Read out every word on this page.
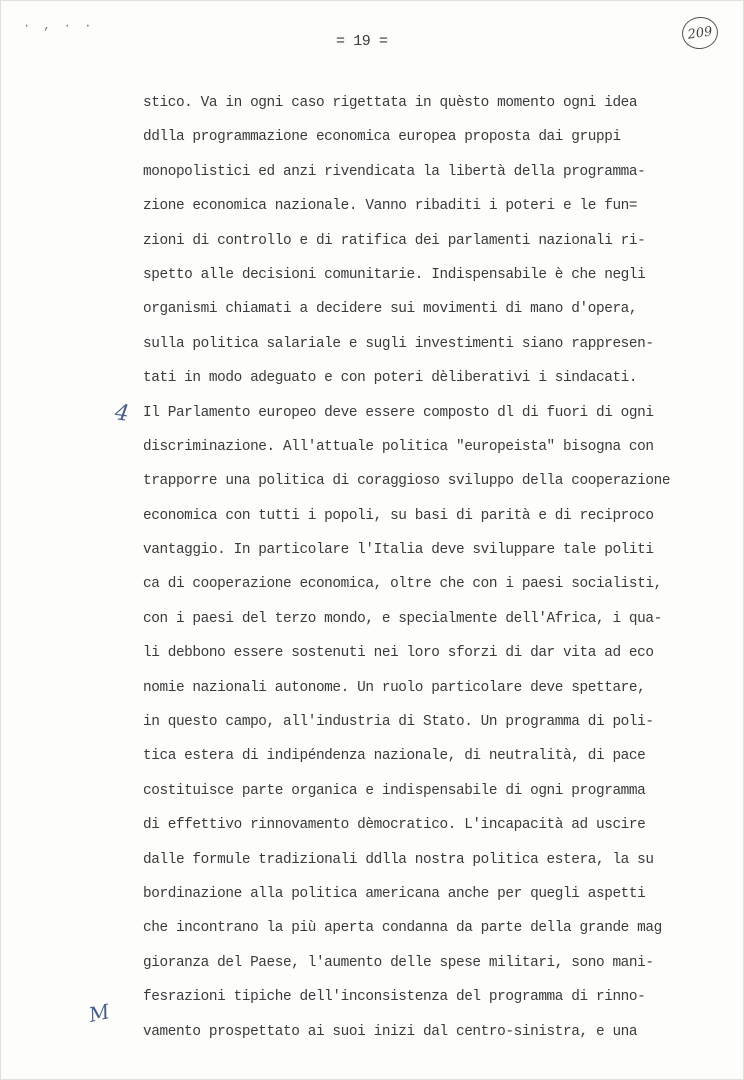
· , · ·
= 19 =	209
4
M
stico. Va in ogni caso rigettata in quèsto momento ogni idea
ddlla programmazione economica europea proposta dai gruppi
monopolistici ed anzi rivendicata la libertà della programma-
zione economica nazionale. Vanno ribaditi i poteri e le fun=
zioni di controllo e di ratifica dei parlamenti nazionali ri-
spetto alle decisioni comunitarie. Indispensabile è che negli
organismi chiamati a decidere sui movimenti di mano d'opera,
sulla politica salariale e sugli investimenti siano rappresen-
tati in modo adeguato e con poteri dèliberativi i sindacati.
Il Parlamento europeo deve essere composto dl di fuori di ogni
discriminazione. All'attuale politica "europeista" bisogna con
trapporre una politica di coraggioso sviluppo della cooperazione
economica con tutti i popoli, su basi di parità e di reciproco
vantaggio. In particolare l'Italia deve sviluppare tale politi
ca di cooperazione economica, oltre che con i paesi socialisti,
con i paesi del terzo mondo, e specialmente dell'Africa, i qua-
li debbono essere sostenuti nei loro sforzi di dar vita ad eco
nomie nazionali autonome. Un ruolo particolare deve spettare,
in questo campo, all'industria di Stato. Un programma di poli-
tica estera di indipéndenza nazionale, di neutralità, di pace
costituisce parte organica e indispensabile di ogni programma
di effettivo rinnovamento dèmocratico. L'incapacità ad uscire
dalle formule tradizionali ddlla nostra politica estera, la su
bordinazione alla politica americana anche per quegli aspetti
che incontrano la più aperta condanna da parte della grande mag
gioranza del Paese, l'aumento delle spese militari, sono mani-
fesrazioni tipiche dell'inconsistenza del programma di rinno-
vamento prospettato ai suoi inizi dal centro-sinistra, e una
